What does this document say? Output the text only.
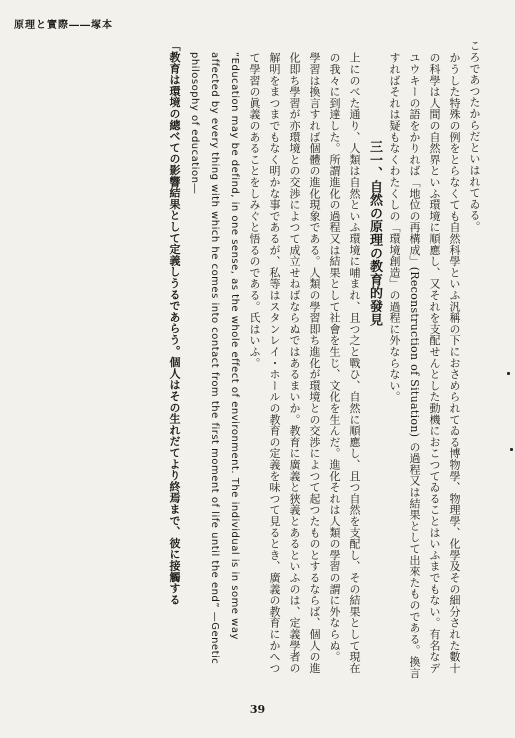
原理と實際――塚本

ころであつたからだといはれてゐる。

かうした特殊の例をとらなくても自然科學といふ汎稱の下におさめられてゐる博物學、物理學、化學及その細分された數十の科學は人間の自然界といふ環境に順應し、又それを支配せんとした動機におこつてゐることはいふまでもない。有名なデユウキーの語をかりれば「地位の再構成」(Reconstruction of Situation) の過程又は結果として出來たものである。換言すればそれは疑もなくわたくしの「環境創造」の過程に外ならない。

三一、自然の原理の教育的發見

上にのべた通り、人類は自然といふ環境に哺まれ、且つ之と戰ひ、自然に順應し、且つ自然を支配し、その結果として現在の我々に到達した。所謂進化の過程又は結果として社會を生じ、文化を生んだ。進化それは人類の學習の謂に外ならぬ。

學習は換言すれば個體の進化現象である。人類の學習即ち進化が環境との交渉によつて起つたものとするならば、個人の進化即ち學習が亦環境との交渉によつて成立せねばならぬではあるまいか。教育に廣義と狹義とあるといふのは、定義學者の解明をまつまでもなく明かな事であるが、私等はスタンレイ・ホールの教育の定義を味つて見るとき、廣義の教育にかへつて學習の眞義のあることをしみぐと悟るのである。氏はいふ。

“Education may be defind, in one sense, as the whole effect of environment. The individual is in some way affected by every thing with which he comes into contact from the first moment of life until the end” —Genetic philosophy of education―

「教育は環境の總べての影響結果として定義しうるであらう。個人はその生れだてより終焉まで、彼に接觸する

39
